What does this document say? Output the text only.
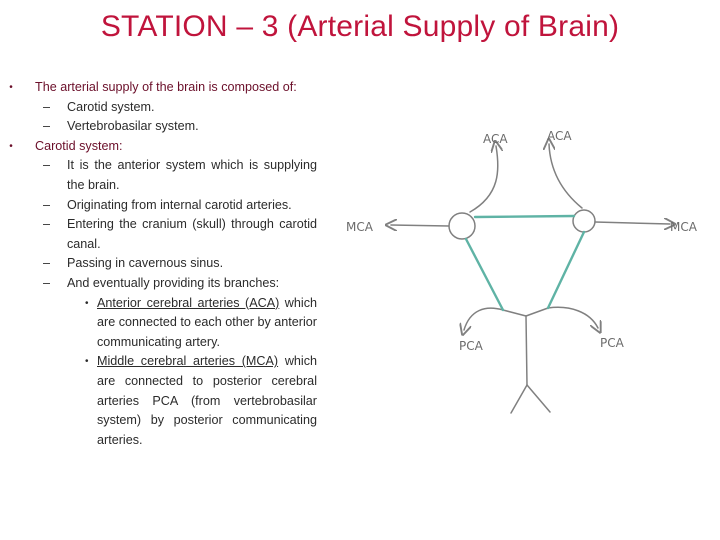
STATION – 3 (Arterial Supply of Brain)
•	The arterial supply of the brain is composed of:
– Carotid system.
– Vertebrobasilar system.
•	Carotid system:
– It is the anterior system which is supplying the brain.
– Originating from internal carotid arteries.
– Entering the cranium (skull) through carotid canal.
– Passing in cavernous sinus.
– And eventually providing its branches:
• Anterior cerebral arteries (ACA) which are connected to each other by anterior communicating artery.
• Middle cerebral arteries (MCA) which are connected to posterior cerebral arteries PCA (from vertebrobasilar system) by posterior communicating arteries.
ACA	ACA
MCA	MCA
PCA	PCA
